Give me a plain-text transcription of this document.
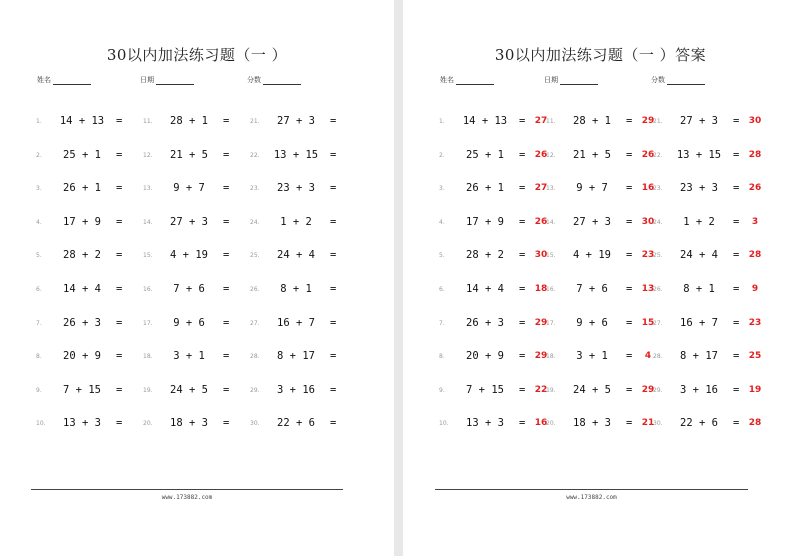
30以内加法练习题（一 ）
姓名	日期	分数
1.	14 + 13	=
2.	25 + 1	=
3.	26 + 1	=
4.	17 + 9	=
5.	28 + 2	=
6.	14 + 4	=
7.	26 + 3	=
8.	20 + 9	=
9.	7 + 15	=
10.	13 + 3	=
11.	28 + 1	=
12.	21 + 5	=
13.	9 + 7	=
14.	27 + 3	=
15.	4 + 19	=
16.	7 + 6	=
17.	9 + 6	=
18.	3 + 1	=
19.	24 + 5	=
20.	18 + 3	=
21.	27 + 3	=
22.	13 + 15	=
23.	23 + 3	=
24.	1 + 2	=
25.	24 + 4	=
26.	8 + 1	=
27.	16 + 7	=
28.	8 + 17	=
29.	3 + 16	=
30.	22 + 6	=
www.173882.com
30以内加法练习题（一 ）答案
姓名	日期	分数
1.	14 + 13	=	27
2.	25 + 1	=	26
3.	26 + 1	=	27
4.	17 + 9	=	26
5.	28 + 2	=	30
6.	14 + 4	=	18
7.	26 + 3	=	29
8.	20 + 9	=	29
9.	7 + 15	=	22
10.	13 + 3	=	16
11.	28 + 1	=	29
12.	21 + 5	=	26
13.	9 + 7	=	16
14.	27 + 3	=	30
15.	4 + 19	=	23
16.	7 + 6	=	13
17.	9 + 6	=	15
18.	3 + 1	=	4
19.	24 + 5	=	29
20.	18 + 3	=	21
21.	27 + 3	=	30
22.	13 + 15	=	28
23.	23 + 3	=	26
24.	1 + 2	=	3
25.	24 + 4	=	28
26.	8 + 1	=	9
27.	16 + 7	=	23
28.	8 + 17	=	25
29.	3 + 16	=	19
30.	22 + 6	=	28
www.173882.com
